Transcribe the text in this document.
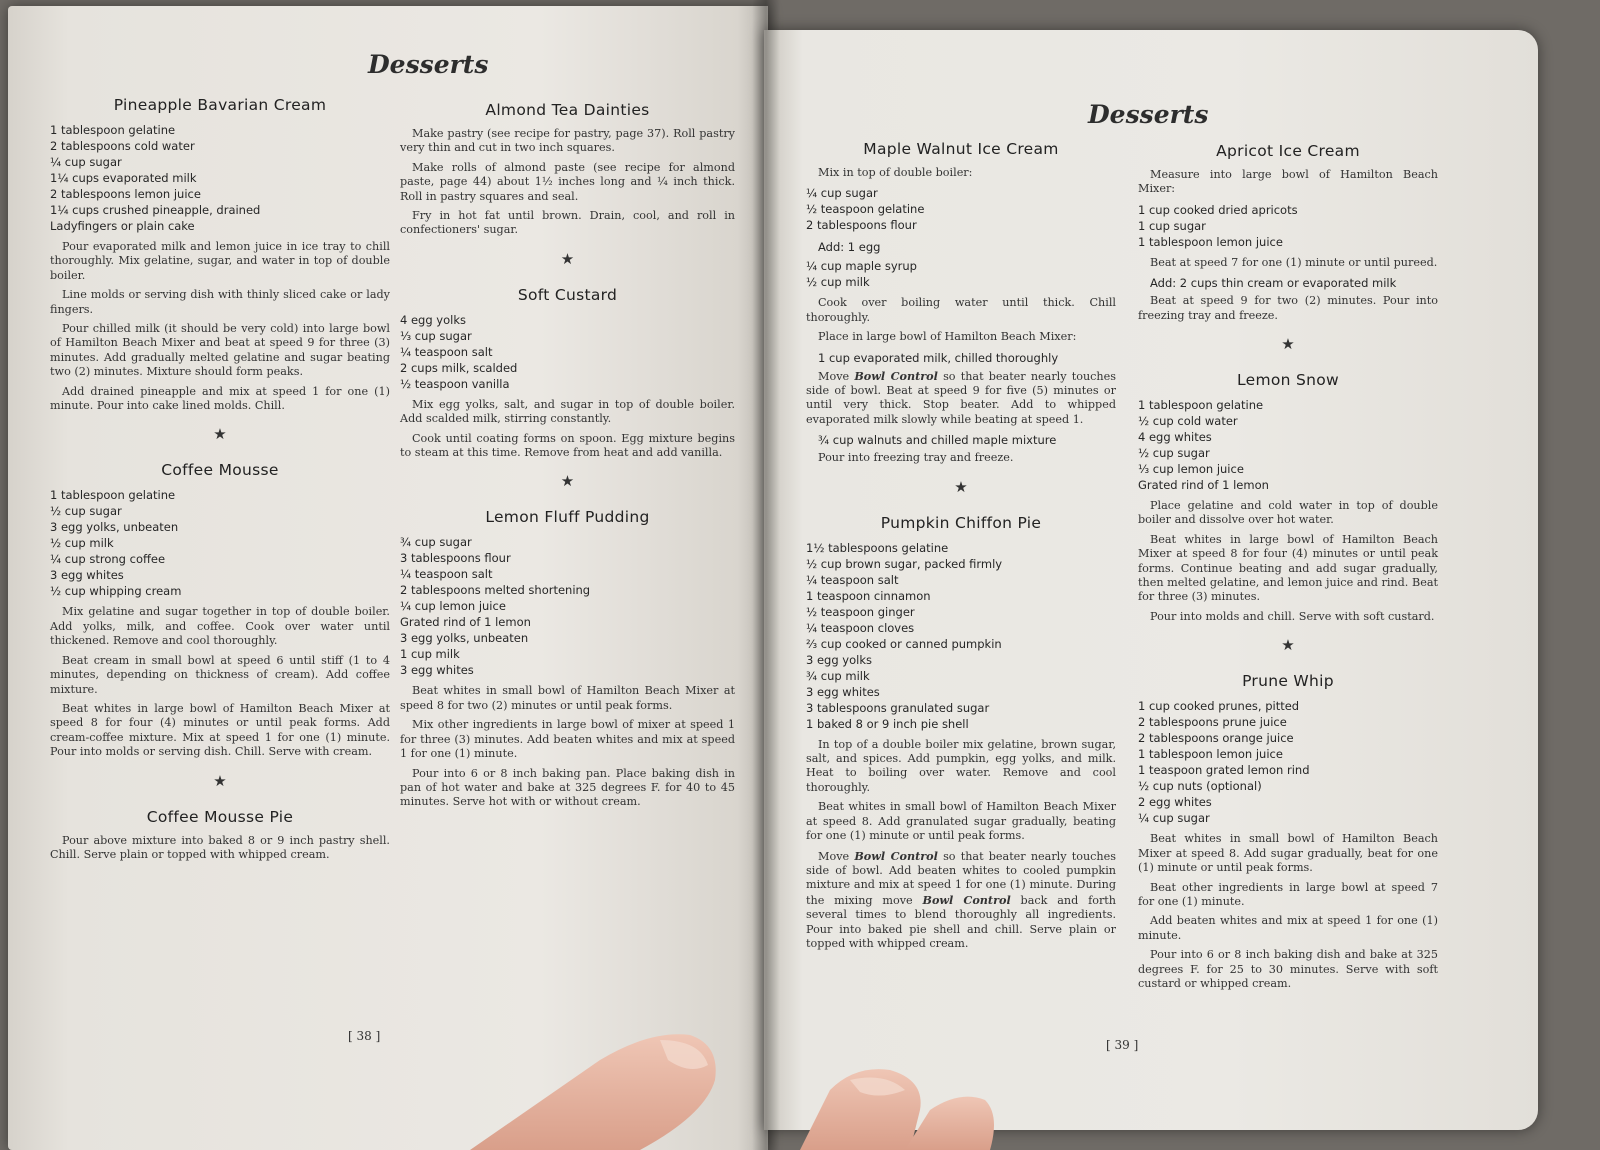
Desserts
Pineapple Bavarian Cream
1 tablespoon gelatine
2 tablespoons cold water
¼ cup sugar
1¼ cups evaporated milk
2 tablespoons lemon juice
1¼ cups crushed pineapple, drained
Ladyfingers or plain cake

Pour evaporated milk and lemon juice in ice tray to chill thoroughly. Mix gelatine, sugar, and water in top of double boiler.

Line molds or serving dish with thinly sliced cake or lady fingers.

Pour chilled milk (it should be very cold) into large bowl of Hamilton Beach Mixer and beat at speed 9 for three (3) minutes. Add gradually melted gelatine and sugar beating two (2) minutes. Mixture should form peaks.

Add drained pineapple and mix at speed 1 for one (1) minute. Pour into cake lined molds. Chill.

★
Coffee Mousse
1 tablespoon gelatine
½ cup sugar
3 egg yolks, unbeaten
½ cup milk
¼ cup strong coffee
3 egg whites
½ cup whipping cream

Mix gelatine and sugar together in top of double boiler. Add yolks, milk, and coffee. Cook over water until thickened. Remove and cool thoroughly.

Beat cream in small bowl at speed 6 until stiff (1 to 4 minutes, depending on thickness of cream). Add coffee mixture.

Beat whites in large bowl of Hamilton Beach Mixer at speed 8 for four (4) minutes or until peak forms. Add cream-coffee mixture. Mix at speed 1 for one (1) minute. Pour into molds or serving dish. Chill. Serve with cream.

★
Coffee Mousse Pie

Pour above mixture into baked 8 or 9 inch pastry shell. Chill. Serve plain or topped with whipped cream.

Almond Tea Dainties

Make pastry (see recipe for pastry, page 37). Roll pastry very thin and cut in two inch squares.

Make rolls of almond paste (see recipe for almond paste, page 44) about 1½ inches long and ¼ inch thick. Roll in pastry squares and seal.

Fry in hot fat until brown. Drain, cool, and roll in confectioners' sugar.

★
Soft Custard
4 egg yolks
⅓ cup sugar
¼ teaspoon salt
2 cups milk, scalded
½ teaspoon vanilla

Mix egg yolks, salt, and sugar in top of double boiler. Add scalded milk, stirring constantly.

Cook until coating forms on spoon. Egg mixture begins to steam at this time. Remove from heat and add vanilla.

★
Lemon Fluff Pudding
¾ cup sugar
3 tablespoons flour
¼ teaspoon salt
2 tablespoons melted shortening
¼ cup lemon juice
Grated rind of 1 lemon
3 egg yolks, unbeaten
1 cup milk
3 egg whites

Beat whites in small bowl of Hamilton Beach Mixer at speed 8 for two (2) minutes or until peak forms.

Mix other ingredients in large bowl of mixer at speed 1 for three (3) minutes. Add beaten whites and mix at speed 1 for one (1) minute.

Pour into 6 or 8 inch baking pan. Place baking dish in pan of hot water and bake at 325 degrees F. for 40 to 45 minutes. Serve hot with or without cream.

[ 38 ]

Desserts
Maple Walnut Ice Cream

Mix in top of double boiler:

¼ cup sugar
½ teaspoon gelatine
2 tablespoons flour

Add: 1 egg

¼ cup maple syrup
½ cup milk

Cook over boiling water until thick. Chill thoroughly.

Place in large bowl of Hamilton Beach Mixer:

1 cup evaporated milk, chilled thoroughly

Move Bowl Control so that beater nearly touches side of bowl. Beat at speed 9 for five (5) minutes or until very thick. Stop beater. Add to whipped evaporated milk slowly while beating at speed 1.

¾ cup walnuts and chilled maple mixture

Pour into freezing tray and freeze.

★
Pumpkin Chiffon Pie
1½ tablespoons gelatine
½ cup brown sugar, packed firmly
¼ teaspoon salt
1 teaspoon cinnamon
½ teaspoon ginger
¼ teaspoon cloves
⅔ cup cooked or canned pumpkin
3 egg yolks
¾ cup milk
3 egg whites
3 tablespoons granulated sugar
1 baked 8 or 9 inch pie shell

In top of a double boiler mix gelatine, brown sugar, salt, and spices. Add pumpkin, egg yolks, and milk. Heat to boiling over water. Remove and cool thoroughly.

Beat whites in small bowl of Hamilton Beach Mixer at speed 8. Add granulated sugar gradually, beating for one (1) minute or until peak forms.

Move Bowl Control so that beater nearly touches side of bowl. Add beaten whites to cooled pumpkin mixture and mix at speed 1 for one (1) minute. During the mixing move Bowl Control back and forth several times to blend thoroughly all ingredients. Pour into baked pie shell and chill. Serve plain or topped with whipped cream.

Apricot Ice Cream

Measure into large bowl of Hamilton Beach Mixer:

1 cup cooked dried apricots
1 cup sugar
1 tablespoon lemon juice

Beat at speed 7 for one (1) minute or until pureed.

Add: 2 cups thin cream or evaporated milk

Beat at speed 9 for two (2) minutes. Pour into freezing tray and freeze.

★
Lemon Snow
1 tablespoon gelatine
½ cup cold water
4 egg whites
½ cup sugar
⅓ cup lemon juice
Grated rind of 1 lemon

Place gelatine and cold water in top of double boiler and dissolve over hot water.

Beat whites in large bowl of Hamilton Beach Mixer at speed 8 for four (4) minutes or until peak forms. Continue beating and add sugar gradually, then melted gelatine, and lemon juice and rind. Beat for three (3) minutes.

Pour into molds and chill. Serve with soft custard.

★
Prune Whip
1 cup cooked prunes, pitted
2 tablespoons prune juice
2 tablespoons orange juice
1 tablespoon lemon juice
1 teaspoon grated lemon rind
½ cup nuts (optional)
2 egg whites
¼ cup sugar

Beat whites in small bowl of Hamilton Beach Mixer at speed 8. Add sugar gradually, beat for one (1) minute or until peak forms.

Beat other ingredients in large bowl at speed 7 for one (1) minute.

Add beaten whites and mix at speed 1 for one (1) minute.

Pour into 6 or 8 inch baking dish and bake at 325 degrees F. for 25 to 30 minutes. Serve with soft custard or whipped cream.

[ 39 ]
